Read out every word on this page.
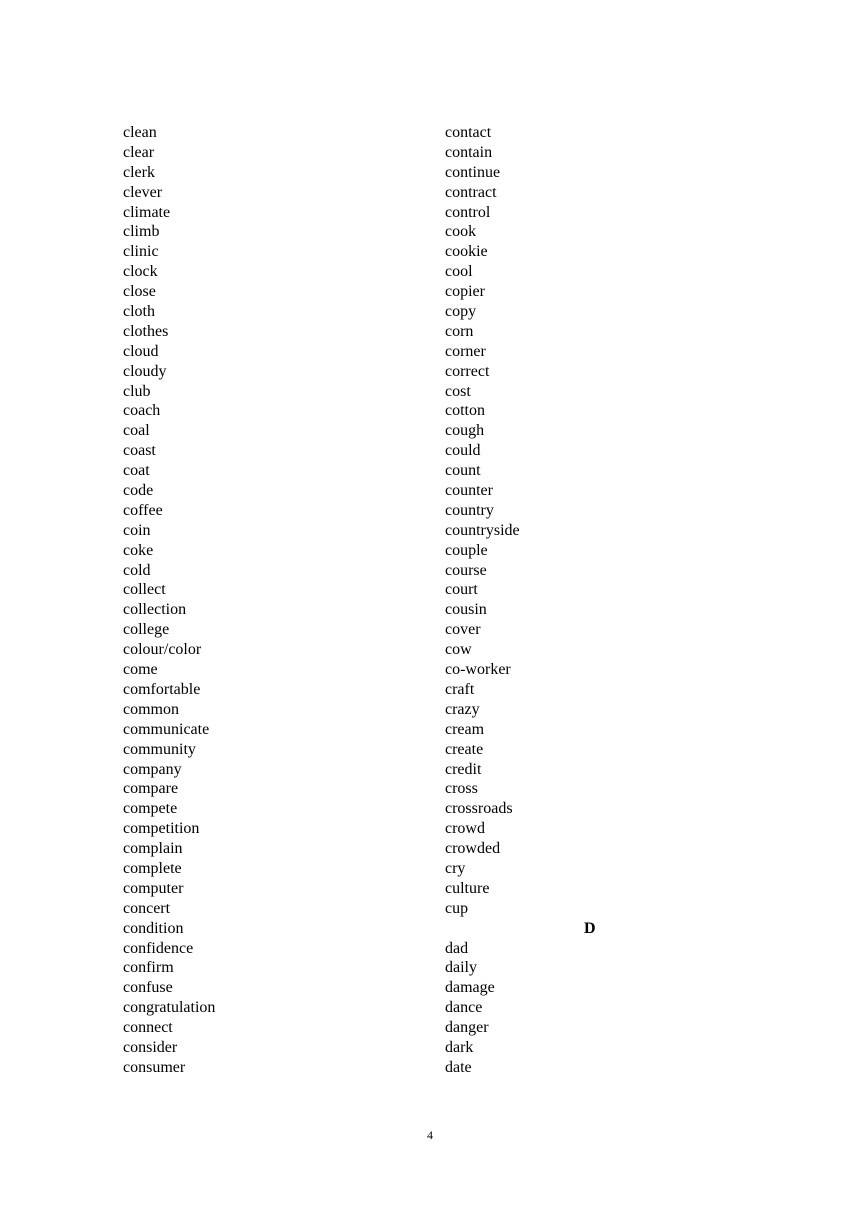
clean
clear
clerk
clever
climate
climb
clinic
clock
close
cloth
clothes
cloud
cloudy
club
coach
coal
coast
coat
code
coffee
coin
coke
cold
collect
collection
college
colour/color
come
comfortable
common
communicate
community
company
compare
compete
competition
complain
complete
computer
concert
condition
confidence
confirm
confuse
congratulation
connect
consider
consumer
contact
contain
continue
contract
control
cook
cookie
cool
copier
copy
corn
corner
correct
cost
cotton
cough
could
count
counter
country
countryside
couple
course
court
cousin
cover
cow
co-worker
craft
crazy
cream
create
credit
cross
crossroads
crowd
crowded
cry
culture
cup
D
dad
daily
damage
dance
danger
dark
date
4
